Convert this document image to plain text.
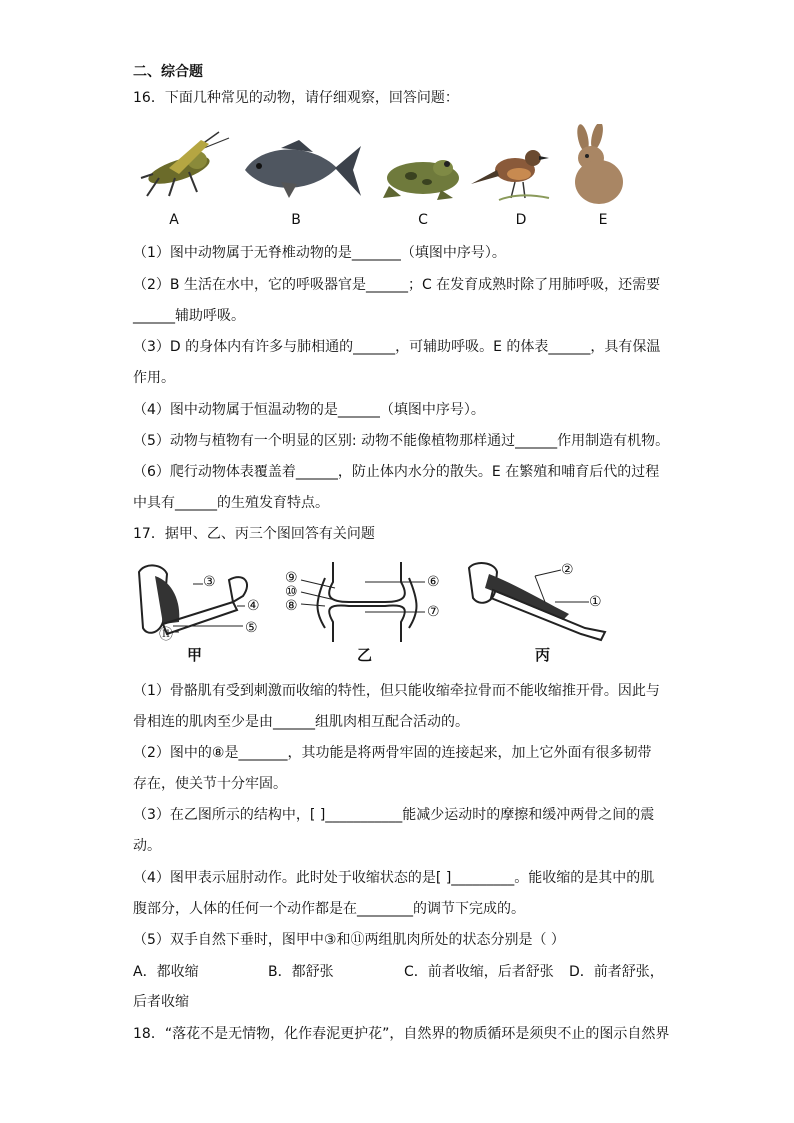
二、综合题
16．下面几种常见的动物，请仔细观察，回答问题：
A	B	C	D	E
（1）图中动物属于无脊椎动物的是_______（填图中序号）。
（2）B 生活在水中，它的呼吸器官是______；C 在发育成熟时除了用肺呼吸，还需要
______辅助呼吸。
（3）D 的身体内有许多与肺相通的______，可辅助呼吸。E 的体表______，具有保温
作用。
（4）图中动物属于恒温动物的是______（填图中序号）。
（5）动物与植物有一个明显的区别: 动物不能像植物那样通过______作用制造有机物。
（6）爬行动物体表覆盖着______，防止体内水分的散失。E 在繁殖和哺育后代的过程
中具有______的生殖发育特点。
17．据甲、乙、丙三个图回答有关问题
③
④
⑤
⑪
甲
⑨
⑩
⑧
⑥
⑦
乙
②
①
丙
（1）骨骼肌有受到刺激而收缩的特性，但只能收缩牵拉骨而不能收缩推开骨。因此与
骨相连的肌肉至少是由______组肌肉相互配合活动的。
（2）图中的⑧是_______，其功能是将两骨牢固的连接起来，加上它外面有很多韧带
存在，使关节十分牢固。
（3）在乙图所示的结构中，[ ]___________能减少运动时的摩擦和缓冲两骨之间的震
动。
（4）图甲表示屈肘动作。此时处于收缩状态的是[ ]_________。能收缩的是其中的肌
腹部分，人体的任何一个动作都是在________的调节下完成的。
（5）双手自然下垂时，图甲中③和⑪两组肌肉所处的状态分别是（ ）
A．都收缩	B．都舒张	C．前者收缩，后者舒张 D．前者舒张，
后者收缩
18．“落花不是无情物，化作春泥更护花”，自然界的物质循环是须臾不止的图示自然界
